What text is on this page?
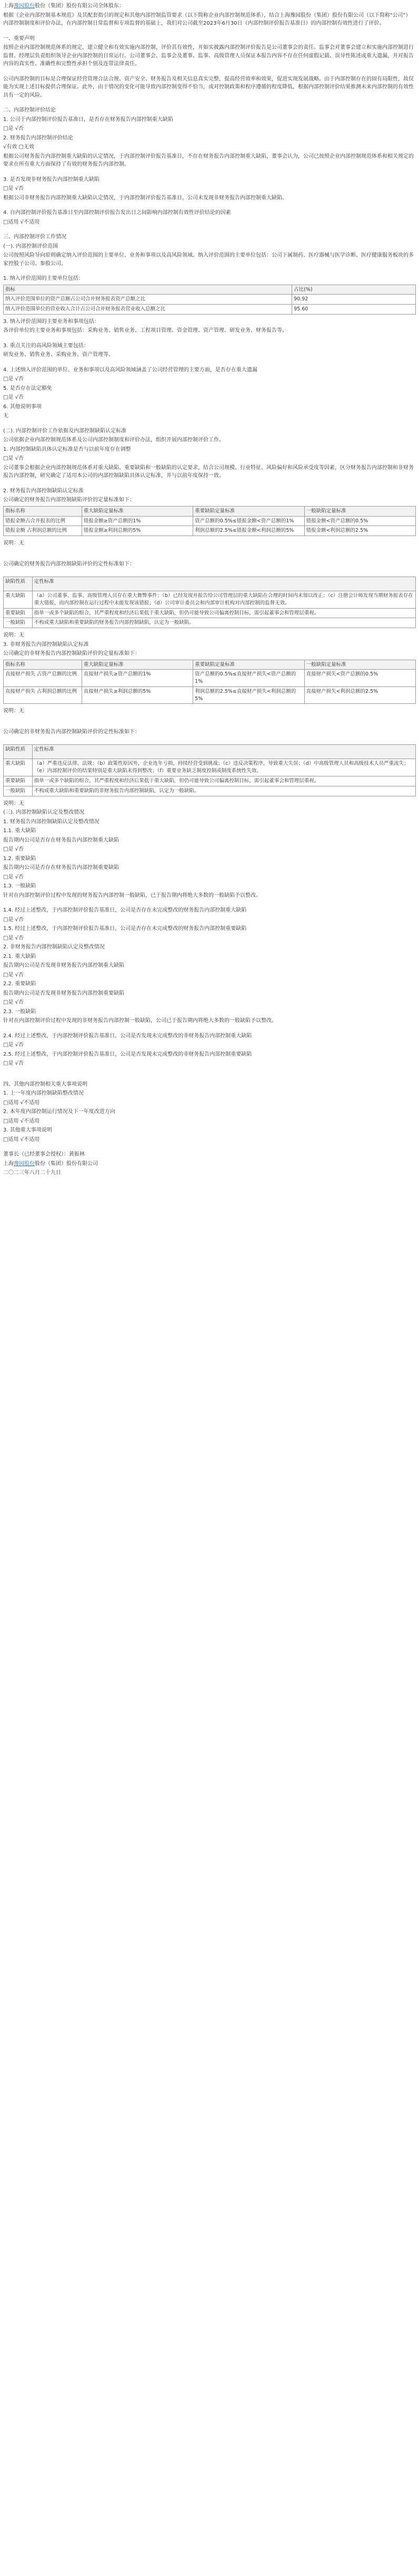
上海豫园股份股份（集团）股份有限公司全体股东：

根据《企业内部控制基本规范》及其配套指引的规定和其他内部控制监管要求（以下简称企业内部控制规范体系），结合上海豫园股份（集团）股份有限公司（以下简称"公司"）内部控制制度和评价办法，在内部控制日常监督和专项监督的基础上，我们对公司截至2023年6月30日（内部控制评价报告基准日）的内部控制有效性进行了评价。

一、重要声明

按照企业内部控制规范体系的规定，建立健全和有效实施内部控制，评价其有效性，并如实披露内部控制评价报告是公司董事会的责任。监事会对董事会建立和实施内部控制进行监督。经理层负责组织领导企业内部控制的日常运行。公司董事会、监事会及董事、监事、高级管理人员保证本报告内容不存在任何虚假记载、误导性陈述或重大遗漏，并对报告内容的真实性、准确性和完整性承担个别及连带法律责任。

公司内部控制的目标是合理保证经营管理合法合规、资产安全、财务报告及相关信息真实完整，提高经营效率和效果，促进实现发展战略。由于内部控制存在的固有局限性，故仅能为实现上述目标提供合理保证。此外，由于情况的变化可能导致内部控制变得不恰当，或对控制政策和程序遵循的程度降低，根据内部控制评价结果推测未来内部控制的有效性具有一定的风险。

二、内部控制评价结论

1. 公司于内部控制评价报告基准日，是否存在财务报告内部控制重大缺陷

□是 √否

2. 财务报告内部控制评价结论

√有效 □无效

根据公司财务报告内部控制重大缺陷的认定情况，于内部控制评价报告基准日，不存在财务报告内部控制重大缺陷，董事会认为，公司已按照企业内部控制规范体系和相关规定的要求在所有重大方面保持了有效的财务报告内部控制。

3. 是否发现非财务报告内部控制重大缺陷

□是 √否

根据公司非财务报告内部控制重大缺陷认定情况，于内部控制评价报告基准日，公司未发现非财务报告内部控制重大缺陷。

4. 自内部控制评价报告基准日至内部控制评价报告发出日之间影响内部控制有效性评价结论的因素

□适用 √不适用

三、内部控制评价工作情况

(一). 内部控制评价范围

公司按照风险导向原则确定纳入评价范围的主要单位、业务和事项以及高风险领域。纳入评价范围的主要单位包括：公司下属制药、医疗器械与医学诊断、医疗健康服务板块的多家控股子公司、参股公司。

1. 纳入评价范围的主要单位包括：

指标	占比(%)
纳入评价范围单位的资产总额占公司合并财务报表资产总额之比	90.92
纳入评价范围单位的营业收入合计占公司合并财务报表营业收入总额之比	95.60

3. 纳入评价范围的主要业务和事项包括：

各评价单位的主要业务和事项包括：采购业务、销售业务、工程项目管理、资金管理、资产管理、研发业务、财务报告等。

3. 重点关注的高风险领域主要包括：

研发业务、销售业务、采购业务、资产管理等。

4. 上述纳入评价范围的单位、业务和事项以及高风险领域涵盖了公司经营管理的主要方面，是否存在重大遗漏

□是 √否

5. 是否存在法定豁免

□是 √否

6. 其他说明事项

无

(二). 内部控制评价工作依据及内部控制缺陷认定标准

公司依据企业内部控制规范体系及公司内部控制制度和评价办法，组织开展内部控制评价工作。

1. 内部控制缺陷具体认定标准是否与以前年度存在调整

□是 √否

公司董事会根据企业内部控制规范体系对重大缺陷、重要缺陷和一般缺陷的认定要求，结合公司规模、行业特征、风险偏好和风险承受度等因素，区分财务报告内部控制和非财务报告内部控制，研究确定了适用本公司的内部控制缺陷具体认定标准，并与以前年度保持一致。

2. 财务报告内部控制缺陷认定标准

公司确定的财务报告内部控制缺陷评价的定量标准如下：

指标名称	重大缺陷定量标准	重要缺陷定量标准	一般缺陷定量标准
错报金额占合并报表的比例	错报金额≥资产总额的1%	资产总额的0.5%≤错报金额<资产总额的1%	错报金额<资产总额的0.5%
错报金额 占利润总额的比例	错报金额≥利润总额的5%	利润总额的2.5%≤错报金额<利润总额的5%	错报金额<利润总额的2.5%

说明：无

公司确定的财务报告内部控制缺陷评价的定性标准如下：

缺陷性质	定性标准
重大缺陷	（a）公司董事、监事、高级管理人员存在重大舞弊事件；（b）已经发现并报告给公司管理层的重大缺陷在合理的时间内未加以改正；（c）注册会计师发现当期财务报表存在重大错报，而内部控制在运行过程中未能发现该错报；（d）公司审计委员会和内部审计机构对内部控制的监督无效。
重要缺陷	指单一或多个缺陷的组合，其严重程度和经济后果低于重大缺陷，但仍可能导致公司偏离控制目标，需引起董事会和管理层重视。
一般缺陷	不构成重大缺陷和重要缺陷的财务报告内部控制缺陷，认定为一般缺陷。

说明：无

3. 非财务报告内部控制缺陷认定标准

公司确定的非财务报告内部控制缺陷评价的定量标准如下：

指标名称	重大缺陷定量标准	重要缺陷定量标准	一般缺陷定量标准
直接财产损失 占资产总额的比例	直接财产损失≥资产总额的1%	资产总额的0.5%≤直接财产损失<资产总额的1%	直接财产损失<资产总额的0.5%
直接财产损失 占利润总额的比例	直接财产损失≥利润总额的5%	利润总额的2.5%≤直接财产损失<利润总额的5%	直接财产损失<利润总额的2.5%

说明：无

公司确定的非财务报告内部控制缺陷评价的定性标准如下：

缺陷性质	定性标准
重大缺陷	（a）严重违反法律、法规；（b）政策性原因外，企业连年亏损，持续经营受到挑战；（c）违反决策程序，导致重大失误；（d）中高级管理人员和高级技术人员严重流失；（e）内部控制评价的结果特别是重大缺陷未得到整改；（f）重要业务缺乏制度控制或制度系统性失效。
重要缺陷	指单一或多个缺陷的组合，其严重程度和经济后果低于重大缺陷，但仍可能导致公司偏离控制目标，需引起董事会和管理层重视。
一般缺陷	不构成重大缺陷和重要缺陷的非财务报告内部控制缺陷，认定为一般缺陷。

说明：无

(三). 内部控制缺陷认定及整改情况

1. 财务报告内部控制缺陷认定及整改情况

1.1. 重大缺陷

报告期内公司是否存在财务报告内部控制重大缺陷

□是 √否

1.2. 重要缺陷

报告期内公司是否存在财务报告内部控制重要缺陷

□是 √否

1.3. 一般缺陷

针对在内部控制评价过程中发现的财务报告内部控制一般缺陷，已于报告期内将绝大多数的一般缺陷予以整改。

1.4. 经过上述整改，于内部控制评价报告基准日，公司是否存在未完成整改的财务报告内部控制重大缺陷

□是 √否

1.5. 经过上述整改，于内部控制评价报告基准日，公司是否存在未完成整改的财务报告内部控制重要缺陷

□是 √否

2. 非财务报告内部控制缺陷认定及整改情况

2.1. 重大缺陷

报告期内公司是否发现非财务报告内部控制重大缺陷

□是 √否

2.2. 重要缺陷

报告期内公司是否发现非财务报告内部控制重要缺陷

□是 √否

2.3. 一般缺陷

针对在内部控制评价过程中发现的非财务报告内部控制一般缺陷，公司已于报告期内将绝大多数的一般缺陷予以整改。

2.4. 经过上述整改，于内部控制评价报告基准日，公司是否发现未完成整改的非财务报告内部控制重大缺陷

□是 √否

2.5. 经过上述整改，于内部控制评价报告基准日，公司是否发现未完成整改的非财务报告内部控制重要缺陷

□是 √否

四、其他内部控制相关重大事项说明

1. 上一年度内部控制缺陷整改情况

□适用 √不适用

2. 本年度内部控制运行情况及下一年度改进方向

□适用 √不适用

3. 其他重大事项说明

□适用 √不适用

董事长（已经董事会授权）：黄振林

上海豫园股份股份（集团）股份有限公司

二〇二三年八月二十九日
